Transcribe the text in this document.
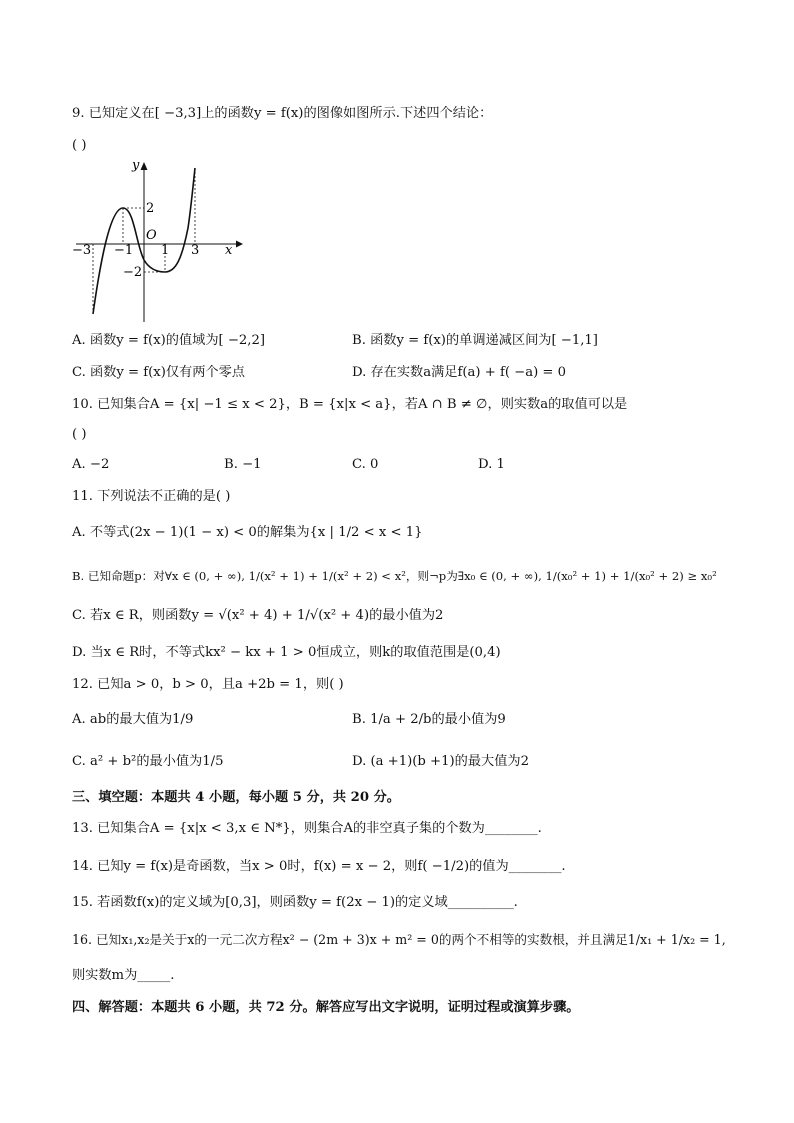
9. 已知定义在[ −3,3]上的函数y = f(x)的图像如图所示.下述四个结论：
( )
y
x
O
2
−2
−3 −1 1 3
A. 函数y = f(x)的值域为[ −2,2]	B. 函数y = f(x)的单调递减区间为[ −1,1]
C. 函数y = f(x)仅有两个零点	D. 存在实数a满足f(a) + f( −a) = 0
10. 已知集合A = {x| −1 ≤ x < 2}，B = {x|x < a}，若A ∩ B ≠ ∅，则实数a的取值可以是
( )
A. −2	B. −1	C. 0	D. 1
11. 下列说法不正确的是( )
A. 不等式(2x − 1)(1 − x) < 0的解集为{x | 1/2 < x < 1}
B. 已知命题p：对∀x ∈ (0, + ∞), 1/(x² + 1) + 1/(x² + 2) < x²，则¬p为∃x₀ ∈ (0, + ∞), 1/(x₀² + 1) + 1/(x₀² + 2) ≥ x₀²
C. 若x ∈ R，则函数y = √(x² + 4) + 1/√(x² + 4)的最小值为2
D. 当x ∈ R时，不等式kx² − kx + 1 > 0恒成立，则k的取值范围是(0,4)
12. 已知a > 0，b > 0，且a +2b = 1，则( )
A. ab的最大值为1/9	B. 1/a + 2/b的最小值为9
C. a² + b²的最小值为1/5	D. (a +1)(b +1)的最大值为2
三、填空题：本题共 4 小题，每小题 5 分，共 20 分。
13. 已知集合A = {x|x < 3,x ∈ N*}，则集合A的非空真子集的个数为________.
14. 已知y = f(x)是奇函数，当x > 0时，f(x) = x − 2，则f( −1/2)的值为________.
15. 若函数f(x)的定义域为[0,3]，则函数y = f(2x − 1)的定义域__________.
16. 已知x₁,x₂是关于x的一元二次方程x² − (2m + 3)x + m² = 0的两个不相等的实数根，并且满足1/x₁ + 1/x₂ = 1,
则实数m为_____.
四、解答题：本题共 6 小题，共 72 分。解答应写出文字说明，证明过程或演算步骤。
